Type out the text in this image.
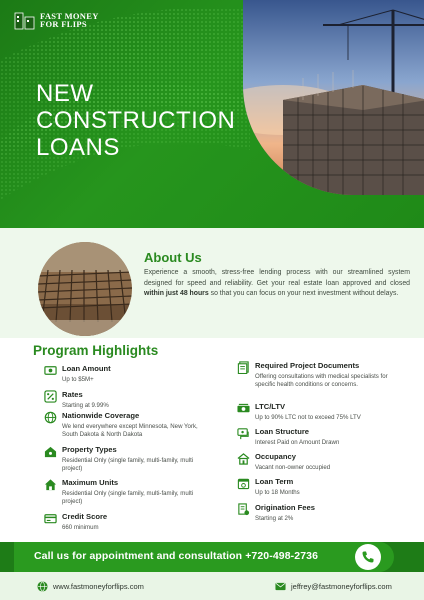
FAST MONEY
FOR FLIPS
NEW
CONSTRUCTION
LOANS
About Us

Experience a smooth, stress-free lending process with our streamlined system designed for speed and reliability. Get your real estate loan approved and closed within just 48 hours so that you can focus on your next investment without delays.

Program Highlights
Loan Amount
Up to $5M+
Rates
Starting at 9.99%
Nationwide Coverage
We lend everywhere except Minnesota, New York, South Dakota & North Dakota
Property Types
Residential Only (single family, multi-family, multi project)
Maximum Units
Residential Only (single family, multi-family, multi project)
Credit Score
660 minimum
Required Project Documents
Offering consultations with medical specialists for specific health conditions or concerns.
LTC/LTV
Up to 90% LTC not to exceed 75% LTV
Loan Structure
Interest Paid on Amount Drawn
Occupancy
Vacant non-owner occupied
Loan Term
Up to 18 Months
Origination Fees
Starting at 2%
Call us for appointment and consultation +720-498-2736
www.fastmoneyforflips.com	jeffrey@fastmoneyforflips.com
